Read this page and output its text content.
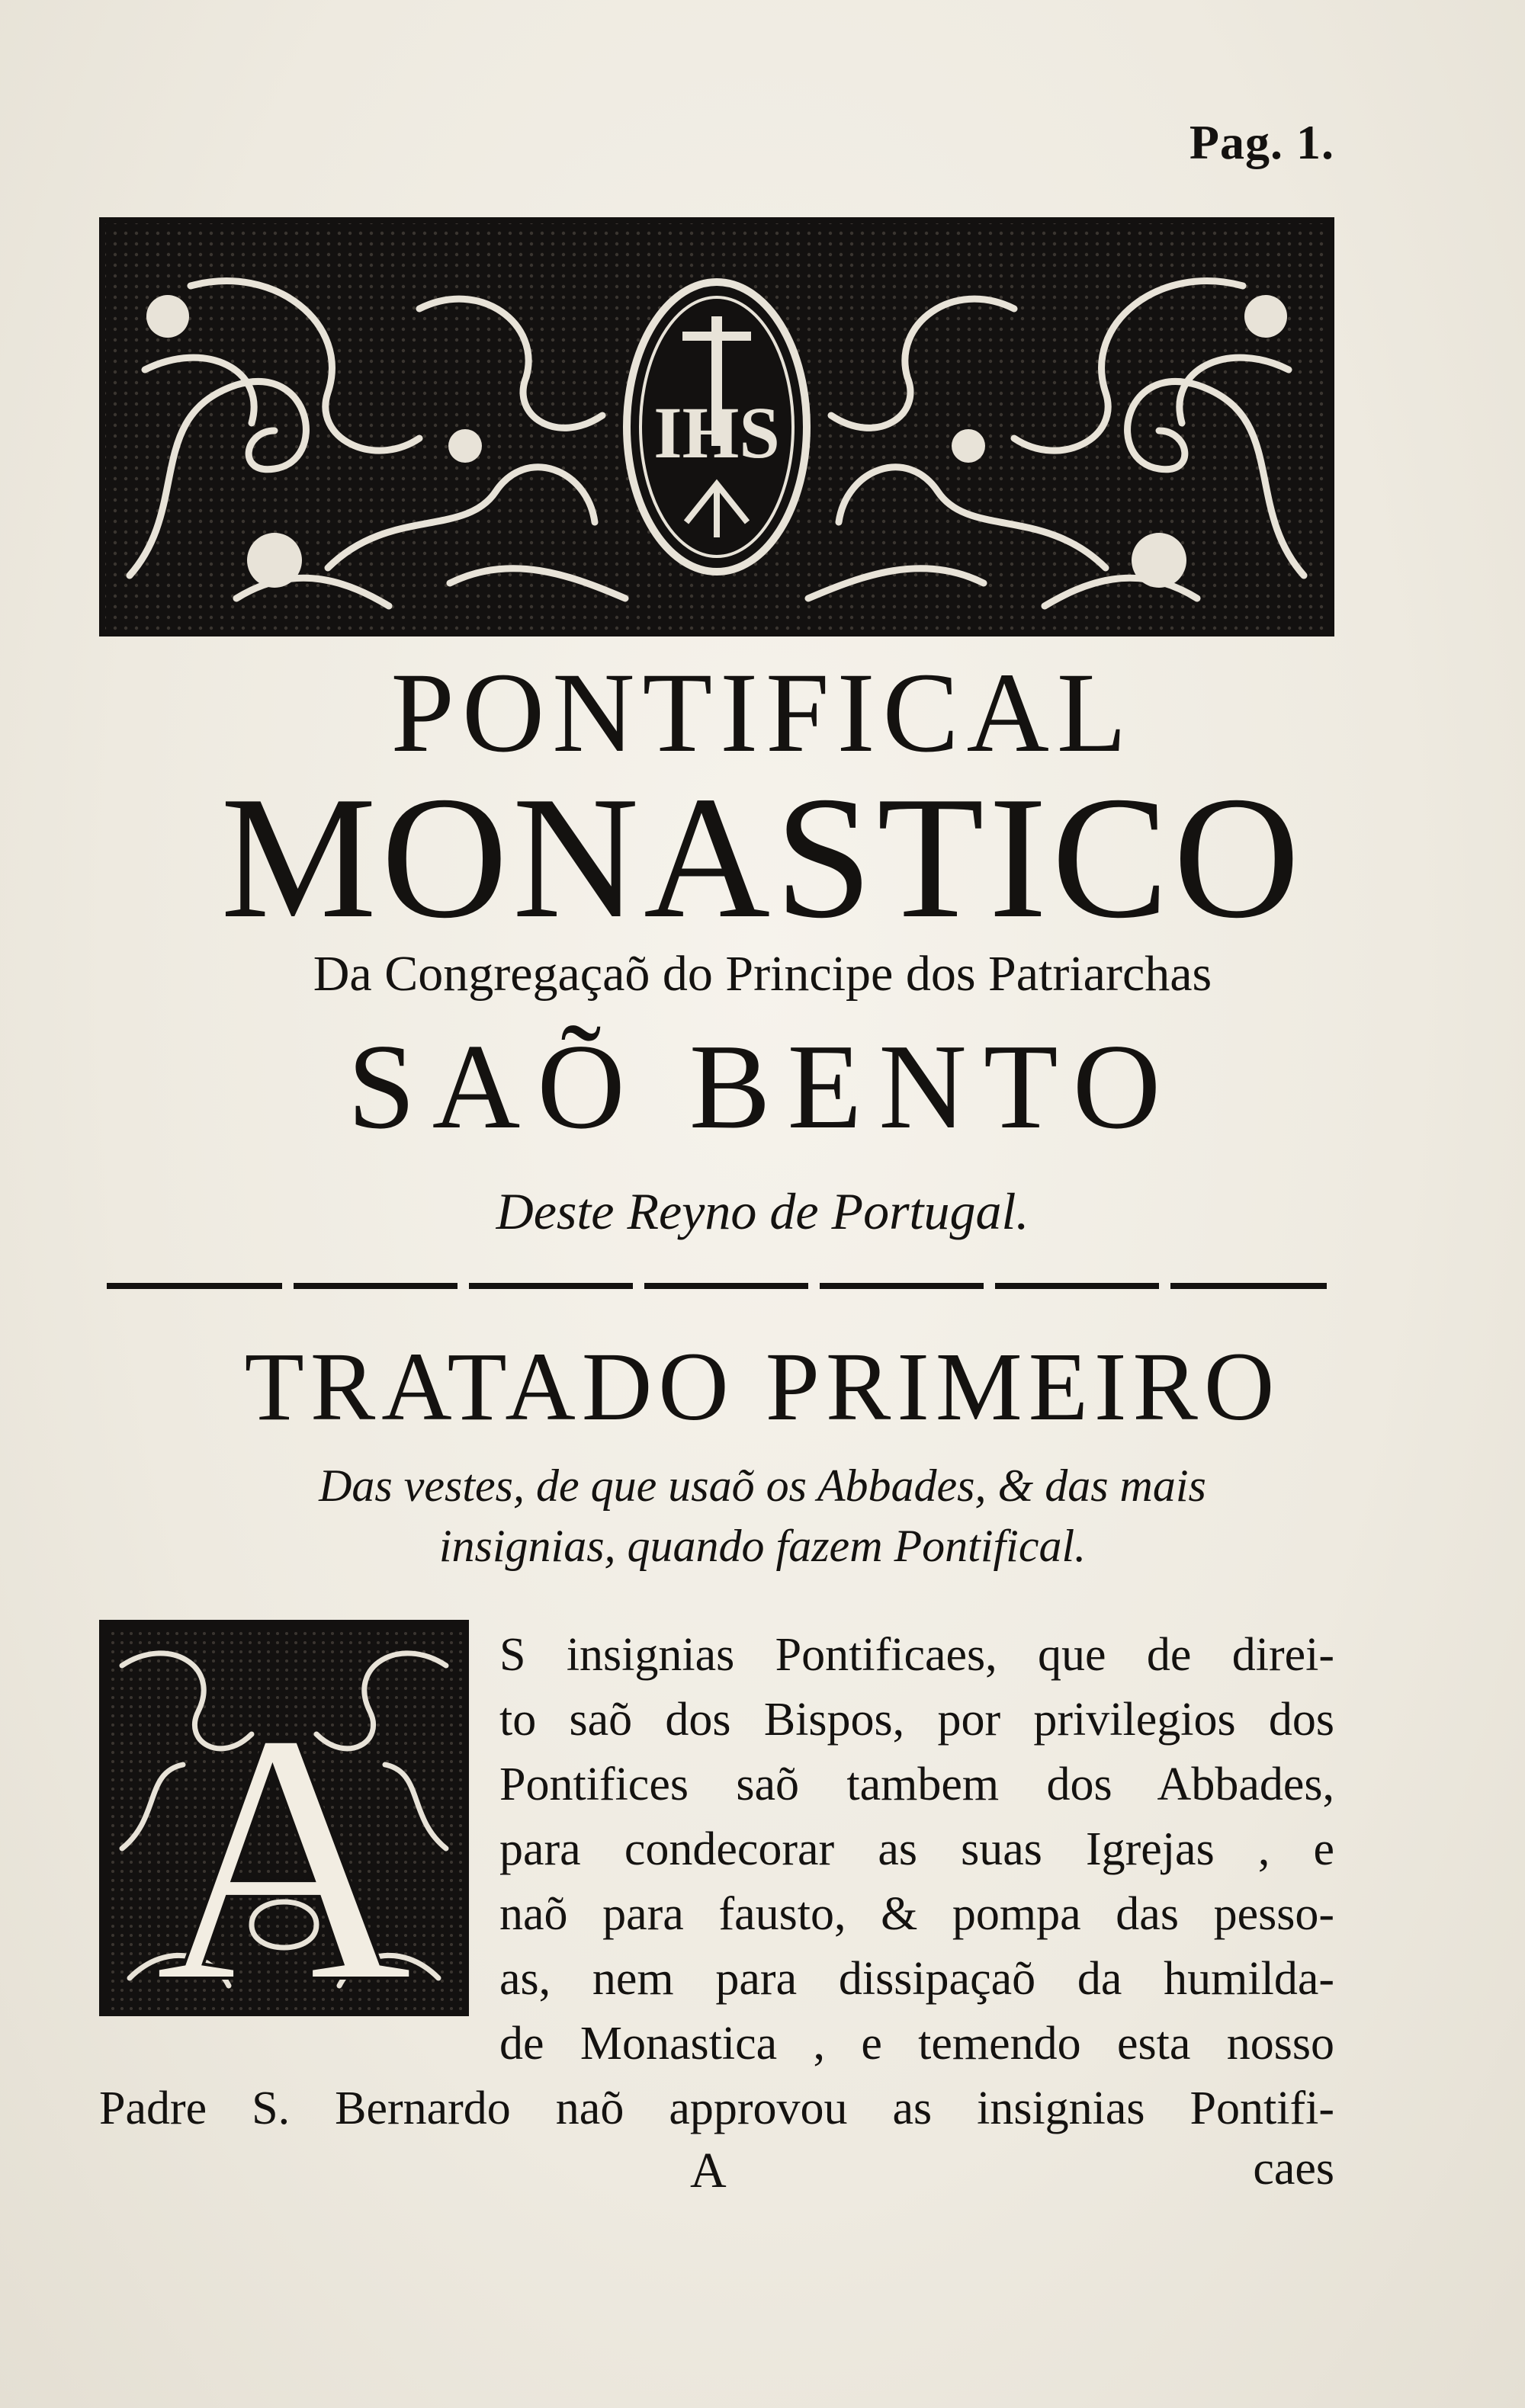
Pag. 1.
IHS
PONTIFICAL
MONASTICO
Da Congregaçaõ do Principe dos Patriarchas
SAÕ BENTO
Deste Reyno de Portugal.
TRATADO PRIMEIRO
Das vestes, de que usaõ os Abbades, & das mais
insignias, quando fazem Pontifical.
A
S insignias Pontificaes, que de direi-
to saõ dos Bispos, por privilegios dos
Pontifices saõ tambem dos Abbades,
para condecorar as suas Igrejas , e
naõ para fausto, & pompa das pesso-
as, nem para dissipaçaõ da humilda-
de Monastica , e temendo esta nosso
Padre S. Bernardo naõ approvou as insignias Pontifi-
A	caes
